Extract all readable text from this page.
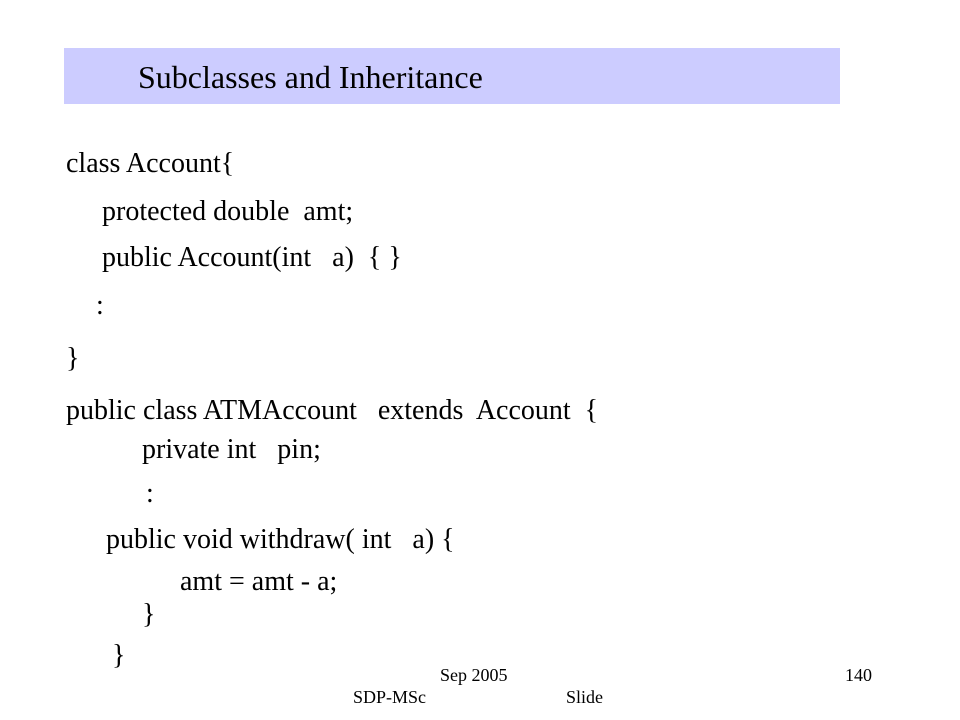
Subclasses and Inheritance
class Account{
protected double  amt;
public Account(int   a)  { }
:
}
public class ATMAccount   extends  Account  {
private int   pin;
:
public void withdraw( int   a) {
amt = amt - a;
}
}
Sep 2005
SDP-MSc	Slide
140
